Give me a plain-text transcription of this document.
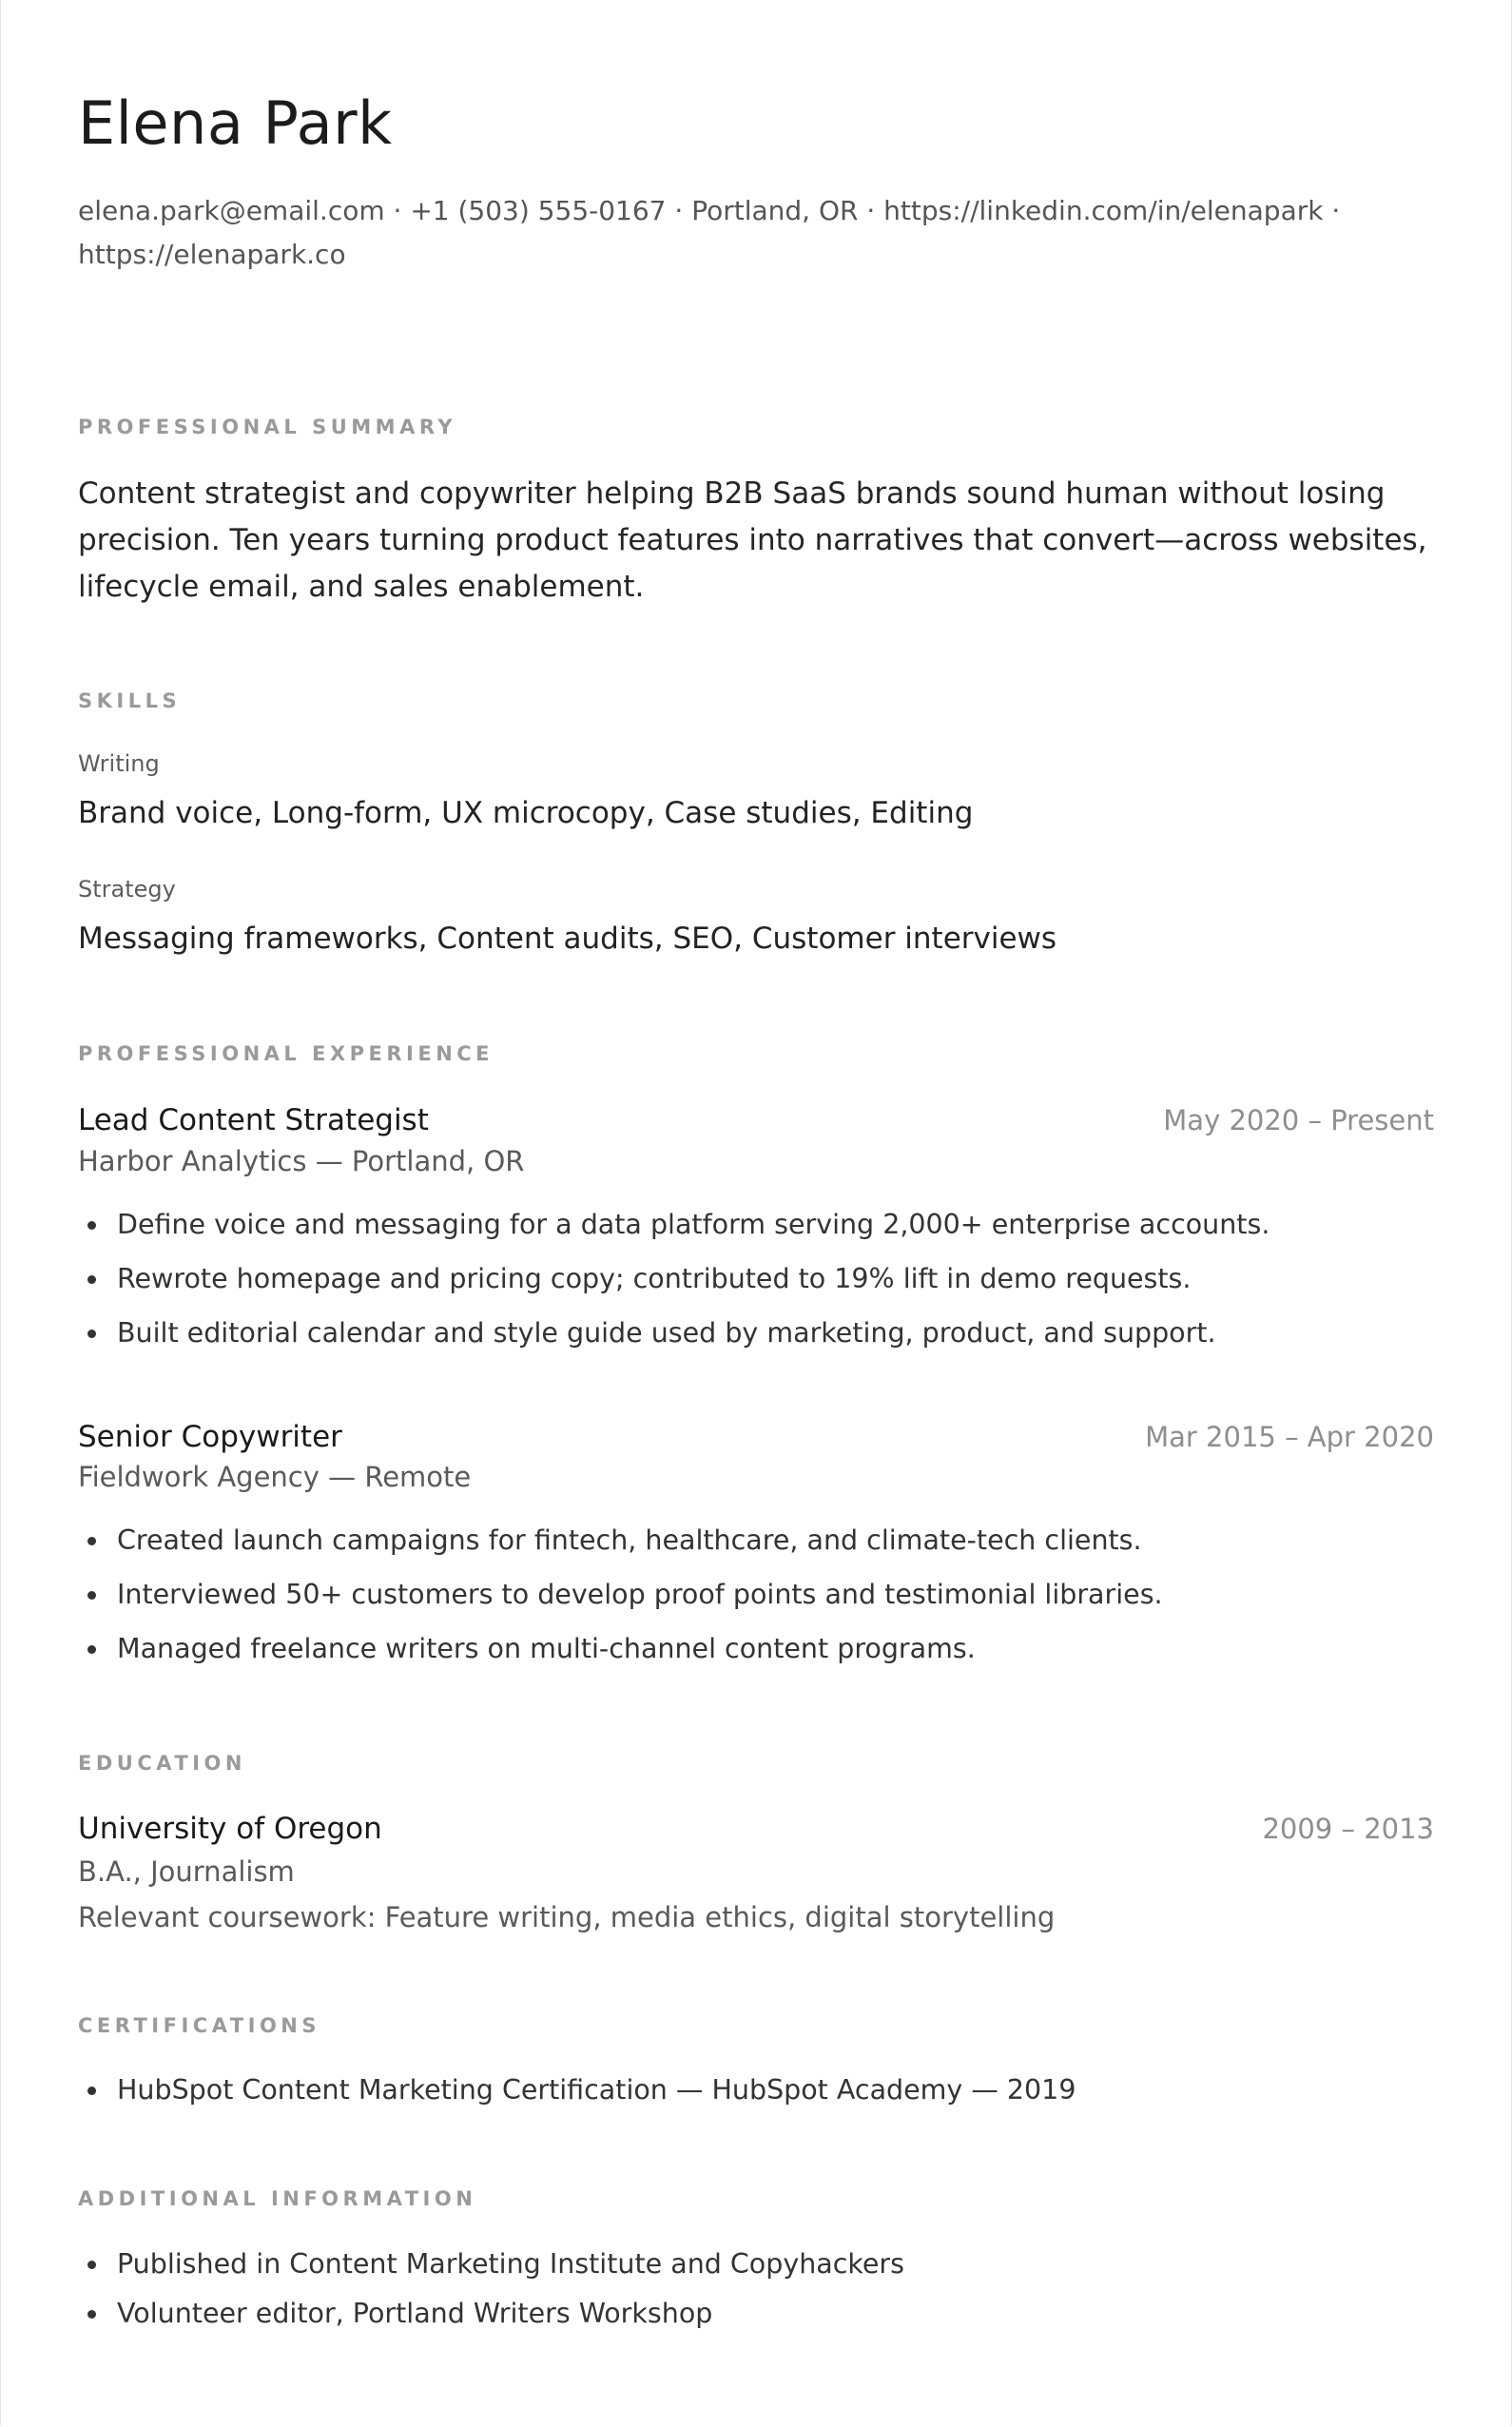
Elena Park

elena.park@email.com · +1 (503) 555-0167 · Portland, OR · https://linkedin.com/in/elenapark · https://elenapark.co

PROFESSIONAL SUMMARY

Content strategist and copywriter helping B2B SaaS brands sound human without losing precision. Ten years turning product features into narratives that convert—across websites, lifecycle email, and sales enablement.

SKILLS
Writing
Brand voice, Long-form, UX microcopy, Case studies, Editing
Strategy
Messaging frameworks, Content audits, SEO, Customer interviews
PROFESSIONAL EXPERIENCE
Lead Content Strategist	May 2020 – Present
Harbor Analytics — Portland, OR
Define voice and messaging for a data platform serving 2,000+ enterprise accounts.
Rewrote homepage and pricing copy; contributed to 19% lift in demo requests.
Built editorial calendar and style guide used by marketing, product, and support.
Senior Copywriter	Mar 2015 – Apr 2020
Fieldwork Agency — Remote
Created launch campaigns for fintech, healthcare, and climate-tech clients.
Interviewed 50+ customers to develop proof points and testimonial libraries.
Managed freelance writers on multi-channel content programs.
EDUCATION
University of Oregon	2009 – 2013
B.A., Journalism
Relevant coursework: Feature writing, media ethics, digital storytelling
CERTIFICATIONS
HubSpot Content Marketing Certification — HubSpot Academy — 2019
ADDITIONAL INFORMATION
Published in Content Marketing Institute and Copyhackers
Volunteer editor, Portland Writers Workshop
